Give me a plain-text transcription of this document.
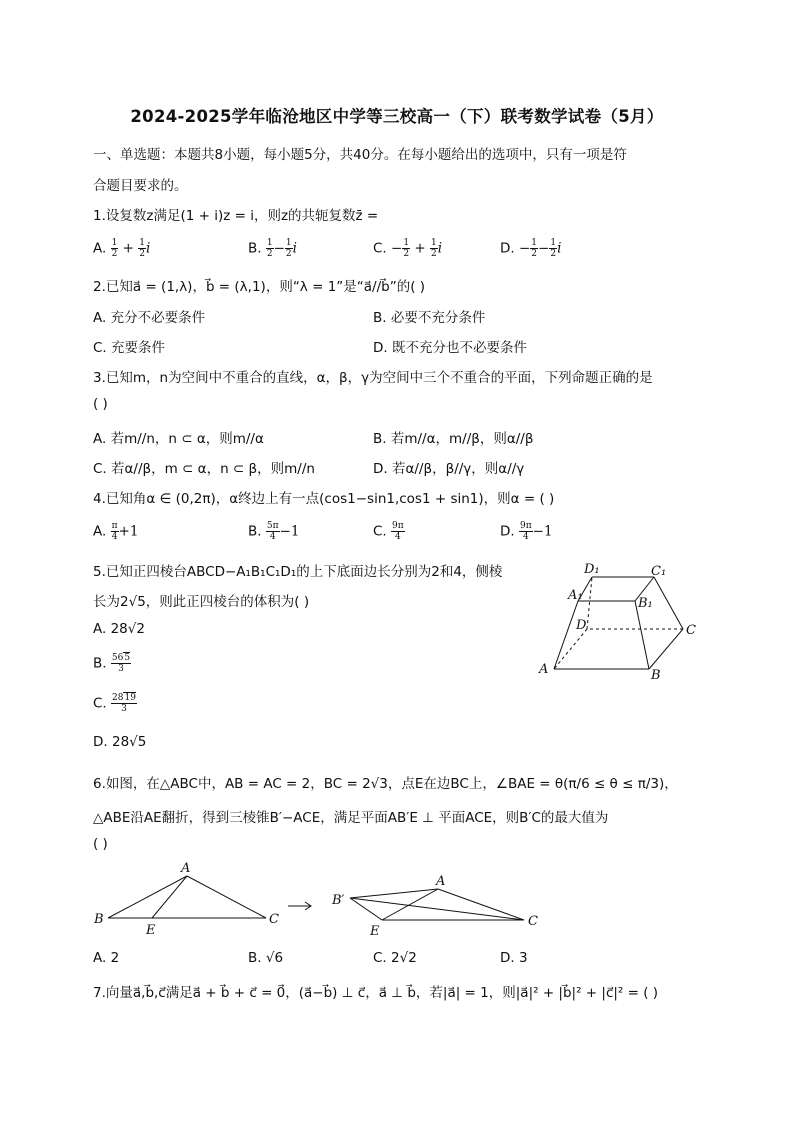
2024-2025学年临沧地区中学等三校高一（下）联考数学试卷（5月）
一、单选题：本题共8小题，每小题5分，共40分。在每小题给出的选项中，只有一项是符
合题目要求的。
1.设复数z满足(1 + i)z = i，则z的共轭复数z̄ =
A. $\frac{1}{2} + \frac{1}{2}$ i	B. $\frac{1}{2} - \frac{1}{2}$ i	C. − $\frac{1}{2} + \frac{1}{2}$ i	D. − $\frac{1}{2} - \frac{1}{2}$ i
2.已知a⃗ = (1,λ)，b⃗ = (λ,1)，则“λ = 1”是“a⃗//b⃗”的( )
A. 充分不必要条件	B. 必要不充分条件
C. 充要条件	D. 既不充分也不必要条件
3.已知m，n为空间中不重合的直线，α，β，γ为空间中三个不重合的平面，下列命题正确的是
( )
A. 若m//n，n ⊂ α，则m//α	B. 若m//α，m//β，则α//β
C. 若α//β，m ⊂ α，n ⊂ β，则m//n	D. 若α//β，β//γ，则α//γ
4.已知角α ∈ (0,2π)，α终边上有一点(cos1−sin1,cos1 + sin1)，则α = ( )
A. $\frac{\pi}{4} +1$	B. $\frac{5\pi}{4} -1$	C. $\frac{9\pi}{4}$	D. $\frac{9\pi}{4} -1$
5.已知正四棱台ABCD−A₁B₁C₁D₁的上下底面边长分别为2和4，侧棱
长为2√5，则此正四棱台的体积为( )
A. 28√2
B. $\frac{565}{3}$
C. $\frac{2819}{3}$
D. 28√5
D₁	C₁
A₁
B₁
D	C
A	B
6.如图，在△ABC中，AB = AC = 2，BC = 2√3，点E在边BC上，∠BAE = θ(π/6 ≤ θ ≤ π/3)，
△ABE沿AE翻折，得到三棱锥B′−ACE，满足平面AB′E ⊥ 平面ACE，则B′C的最大值为
( )
A
B
E
C
B′
A
E
C
A. 2	B. √6	C. 2√2	D. 3
7.向量a⃗,b⃗,c⃗满足a⃗ + b⃗ + c⃗ = 0⃗，(a⃗−b⃗) ⊥ c⃗，a⃗ ⊥ b⃗，若|a⃗| = 1，则|a⃗|² + |b⃗|² + |c⃗|² = ( )
